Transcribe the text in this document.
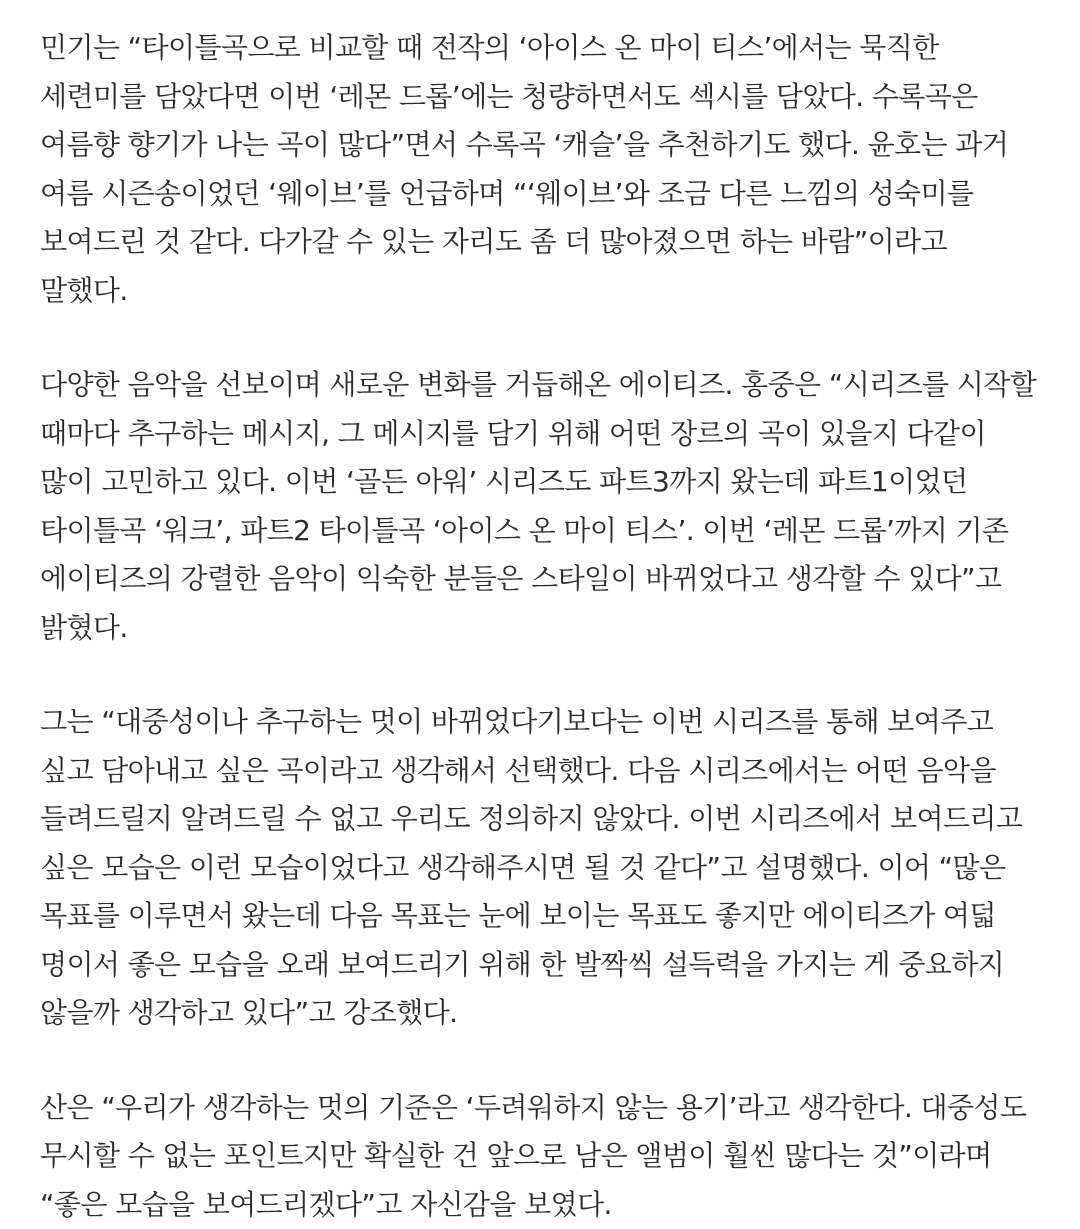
민기는 “타이틀곡으로 비교할 때 전작의 ‘아이스 온 마이 티스’에서는 묵직한 세련미를 담았다면 이번 ‘레몬 드롭’에는 청량하면서도 섹시를 담았다. 수록곡은 여름향 향기가 나는 곡이 많다”면서 수록곡 ‘캐슬’을 추천하기도 했다. 윤호는 과거 여름 시즌송이었던 ‘웨이브’를 언급하며 “‘웨이브’와 조금 다른 느낌의 성숙미를 보여드린 것 같다. 다가갈 수 있는 자리도 좀 더 많아졌으면 하는 바람”이라고 말했다.

다양한 음악을 선보이며 새로운 변화를 거듭해온 에이티즈. 홍중은 “시리즈를 시작할 때마다 추구하는 메시지, 그 메시지를 담기 위해 어떤 장르의 곡이 있을지 다같이 많이 고민하고 있다. 이번 ‘골든 아워’ 시리즈도 파트3까지 왔는데 파트1이었던 타이틀곡 ‘워크’, 파트2 타이틀곡 ‘아이스 온 마이 티스’. 이번 ‘레몬 드롭’까지 기존 에이티즈의 강렬한 음악이 익숙한 분들은 스타일이 바뀌었다고 생각할 수 있다”고 밝혔다.

그는 “대중성이나 추구하는 멋이 바뀌었다기보다는 이번 시리즈를 통해 보여주고 싶고 담아내고 싶은 곡이라고 생각해서 선택했다. 다음 시리즈에서는 어떤 음악을 들려드릴지 알려드릴 수 없고 우리도 정의하지 않았다. 이번 시리즈에서 보여드리고 싶은 모습은 이런 모습이었다고 생각해주시면 될 것 같다”고 설명했다. 이어 “많은 목표를 이루면서 왔는데 다음 목표는 눈에 보이는 목표도 좋지만 에이티즈가 여덟 명이서 좋은 모습을 오래 보여드리기 위해 한 발짝씩 설득력을 가지는 게 중요하지 않을까 생각하고 있다”고 강조했다.

산은 “우리가 생각하는 멋의 기준은 ‘두려워하지 않는 용기’라고 생각한다. 대중성도 무시할 수 없는 포인트지만 확실한 건 앞으로 남은 앨범이 훨씬 많다는 것”이라며 “좋은 모습을 보여드리겠다”고 자신감을 보였다.
